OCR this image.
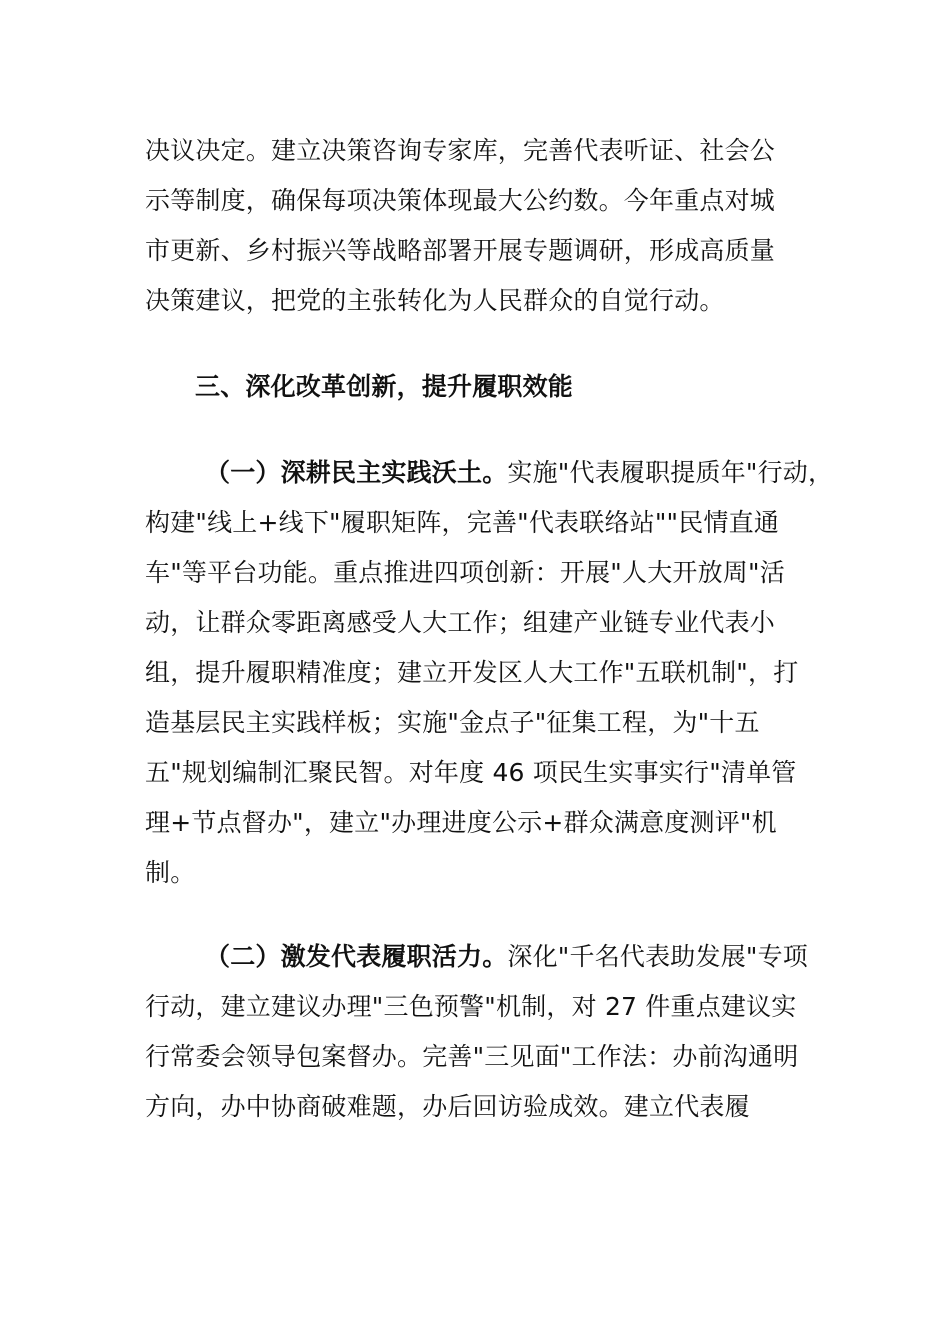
决议决定。建立决策咨询专家库，完善代表听证、社会公
示等制度，确保每项决策体现最大公约数。今年重点对城
市更新、乡村振兴等战略部署开展专题调研，形成高质量
决策建议，把党的主张转化为人民群众的自觉行动。
三、深化改革创新，提升履职效能
（一）深耕民主实践沃土。实施"代表履职提质年"行动，
构建"线上+线下"履职矩阵，完善"代表联络站""民情直通
车"等平台功能。重点推进四项创新：开展"人大开放周"活
动，让群众零距离感受人大工作；组建产业链专业代表小
组，提升履职精准度；建立开发区人大工作"五联机制"，打
造基层民主实践样板；实施"金点子"征集工程，为"十五
五"规划编制汇聚民智。对年度 46 项民生实事实行"清单管
理+节点督办"，建立"办理进度公示+群众满意度测评"机
制。
（二）激发代表履职活力。深化"千名代表助发展"专项
行动，建立建议办理"三色预警"机制，对 27 件重点建议实
行常委会领导包案督办。完善"三见面"工作法：办前沟通明
方向，办中协商破难题，办后回访验成效。建立代表履
